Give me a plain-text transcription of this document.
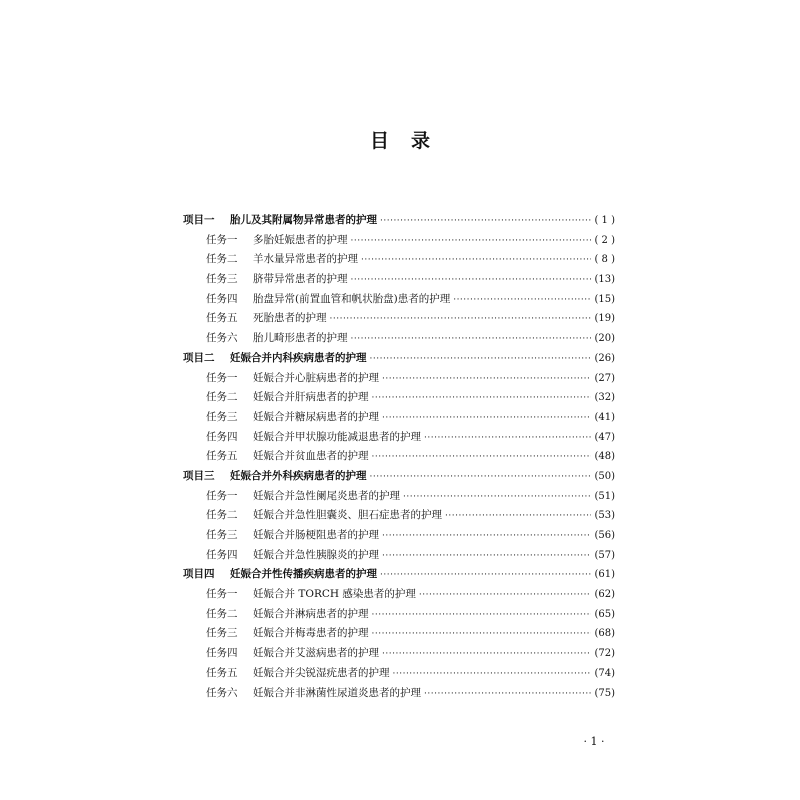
目 录
项目一	胎儿及其附属物异常患者的护理 ·····	( 1 )
任务一	多胎妊娠患者的护理 ·····	( 2 )
任务二	羊水量异常患者的护理 ·····	( 8 )
任务三	脐带异常患者的护理 ·····	(13)
任务四	胎盘异常(前置血管和帆状胎盘)患者的护理 ·····	(15)
任务五	死胎患者的护理 ·····	(19)
任务六	胎儿畸形患者的护理 ·····	(20)
项目二	妊娠合并内科疾病患者的护理 ·····	(26)
任务一	妊娠合并心脏病患者的护理 ·····	(27)
任务二	妊娠合并肝病患者的护理 ·····	(32)
任务三	妊娠合并糖尿病患者的护理 ·····	(41)
任务四	妊娠合并甲状腺功能减退患者的护理 ·····	(47)
任务五	妊娠合并贫血患者的护理 ·····	(48)
项目三	妊娠合并外科疾病患者的护理 ·····	(50)
任务一	妊娠合并急性阑尾炎患者的护理 ·····	(51)
任务二	妊娠合并急性胆囊炎、胆石症患者的护理 ·····	(53)
任务三	妊娠合并肠梗阻患者的护理 ·····	(56)
任务四	妊娠合并急性胰腺炎的护理 ·····	(57)
项目四	妊娠合并性传播疾病患者的护理 ·····	(61)
任务一	妊娠合并 TORCH 感染患者的护理 ·····	(62)
任务二	妊娠合并淋病患者的护理 ·····	(65)
任务三	妊娠合并梅毒患者的护理 ·····	(68)
任务四	妊娠合并艾滋病患者的护理 ·····	(72)
任务五	妊娠合并尖锐湿疣患者的护理 ·····	(74)
任务六	妊娠合并非淋菌性尿道炎患者的护理 ·····	(75)
· 1 ·
